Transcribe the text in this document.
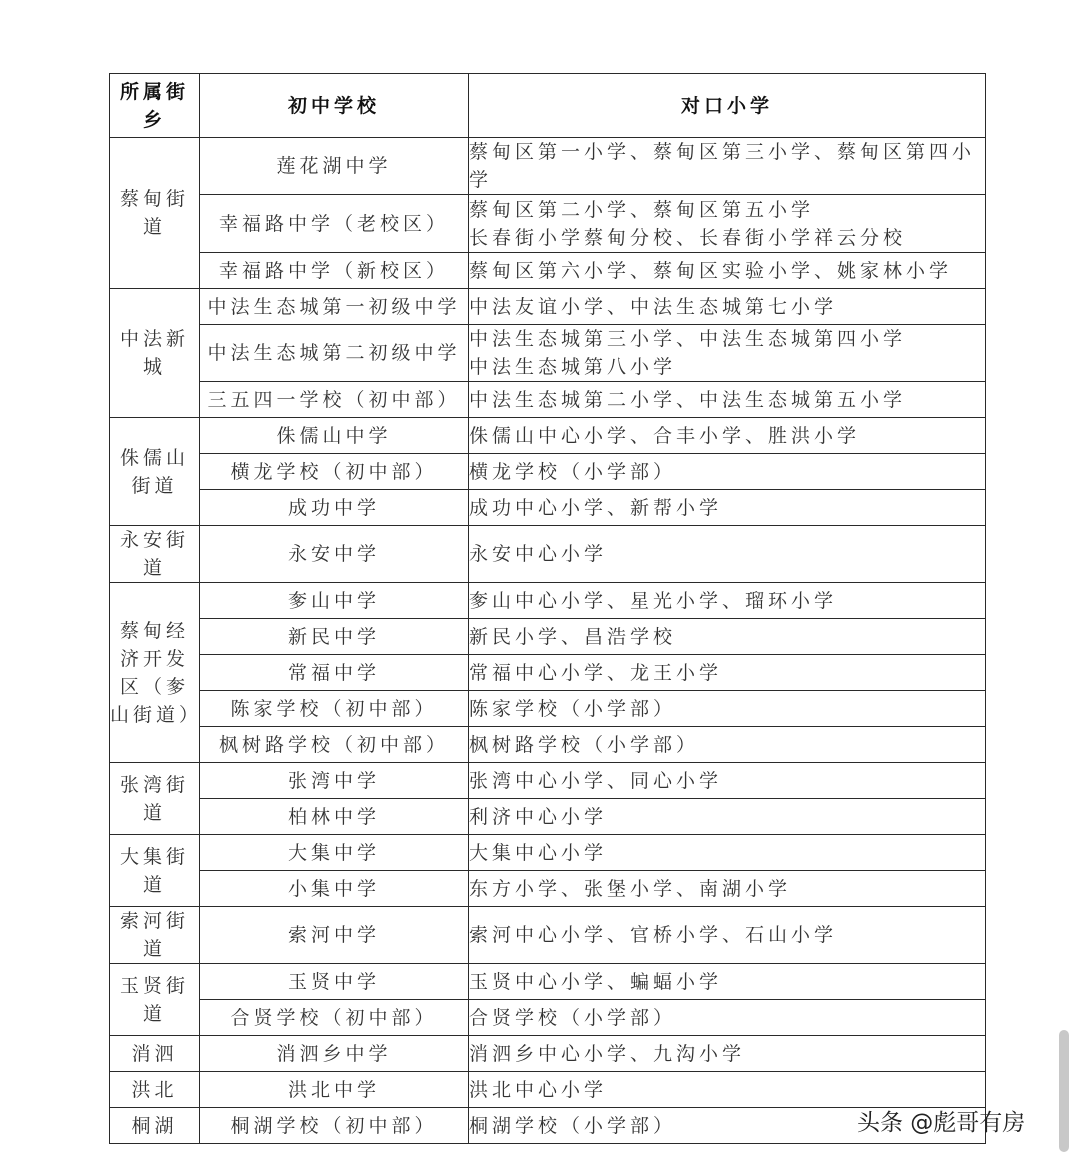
所属街乡	初中学校	对口小学
蔡甸街道	莲花湖中学	蔡甸区第一小学、蔡甸区第三小学、蔡甸区第四小学

	幸福路中学（老校区）	蔡甸区第二小学、蔡甸区第五小学
长春街小学蔡甸分校、长春街小学祥云分校

	幸福路中学（新校区）	蔡甸区第六小学、蔡甸区实验小学、姚家林小学

中法新城	中法生态城第一初级中学	中法友谊小学、中法生态城第七小学

	中法生态城第二初级中学	中法生态城第三小学、中法生态城第四小学
中法生态城第八小学

	三五四一学校（初中部）	中法生态城第二小学、中法生态城第五小学

侏儒山街道	侏儒山中学	侏儒山中心小学、合丰小学、胜洪小学

	横龙学校（初中部）	横龙学校（小学部）

	成功中学	成功中心小学、新帮小学

永安街道	永安中学	永安中心小学

蔡甸经济开发区（奓山街道）	奓山中学	奓山中心小学、星光小学、瑠环小学

	新民中学	新民小学、昌浩学校

	常福中学	常福中心小学、龙王小学

	陈家学校（初中部）	陈家学校（小学部）

	枫树路学校（初中部）	枫树路学校（小学部）

张湾街道	张湾中学	张湾中心小学、同心小学

	柏林中学	利济中心小学

大集街道	大集中学	大集中心小学

	小集中学	东方小学、张堡小学、南湖小学

索河街道	索河中学	索河中心小学、官桥小学、石山小学

玉贤街道	玉贤中学	玉贤中心小学、蝙蝠小学

	合贤学校（初中部）	合贤学校（小学部）

消泗	消泗乡中学	消泗乡中心小学、九沟小学

洪北	洪北中学	洪北中心小学

桐湖	桐湖学校（初中部）	桐湖学校（小学部）	头条 @彪哥有房
